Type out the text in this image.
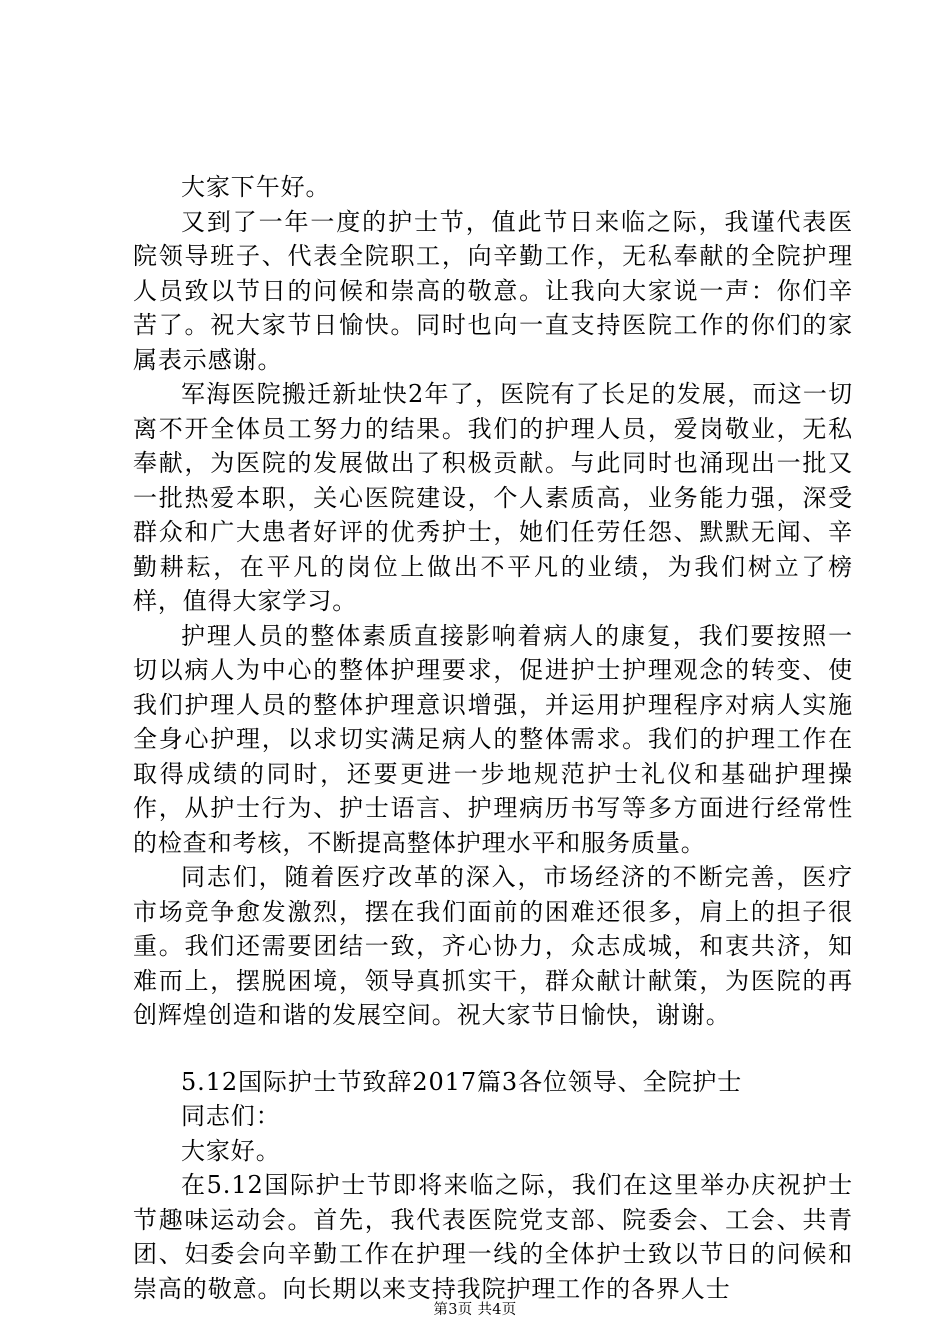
大家下午好。

又到了一年一度的护士节，值此节日来临之际，我谨代表医院领导班子、代表全院职工，向辛勤工作，无私奉献的全院护理人员致以节日的问候和崇高的敬意。让我向大家说一声：你们辛苦了。祝大家节日愉快。同时也向一直支持医院工作的你们的家属表示感谢。

军海医院搬迁新址快2年了，医院有了长足的发展，而这一切离不开全体员工努力的结果。我们的护理人员，爱岗敬业，无私奉献，为医院的发展做出了积极贡献。与此同时也涌现出一批又一批热爱本职，关心医院建设，个人素质高，业务能力强，深受群众和广大患者好评的优秀护士，她们任劳任怨、默默无闻、辛勤耕耘，在平凡的岗位上做出不平凡的业绩，为我们树立了榜样，值得大家学习。

护理人员的整体素质直接影响着病人的康复，我们要按照一切以病人为中心的整体护理要求，促进护士护理观念的转变、使我们护理人员的整体护理意识增强，并运用护理程序对病人实施全身心护理，以求切实满足病人的整体需求。我们的护理工作在取得成绩的同时，还要更进一步地规范护士礼仪和基础护理操作，从护士行为、护士语言、护理病历书写等多方面进行经常性的检查和考核，不断提高整体护理水平和服务质量。

同志们，随着医疗改革的深入，市场经济的不断完善，医疗市场竞争愈发激烈，摆在我们面前的困难还很多，肩上的担子很重。我们还需要团结一致，齐心协力，众志成城，和衷共济，知难而上，摆脱困境，领导真抓实干，群众献计献策，为医院的再创辉煌创造和谐的发展空间。祝大家节日愉快，谢谢。

5.12国际护士节致辞2017篇3各位领导、全院护士

同志们：

大家好。

在5.12国际护士节即将来临之际，我们在这里举办庆祝护士节趣味运动会。首先，我代表医院党支部、院委会、工会、共青团、妇委会向辛勤工作在护理一线的全体护士致以节日的问候和崇高的敬意。向长期以来支持我院护理工作的各界人士

第3页 共4页
